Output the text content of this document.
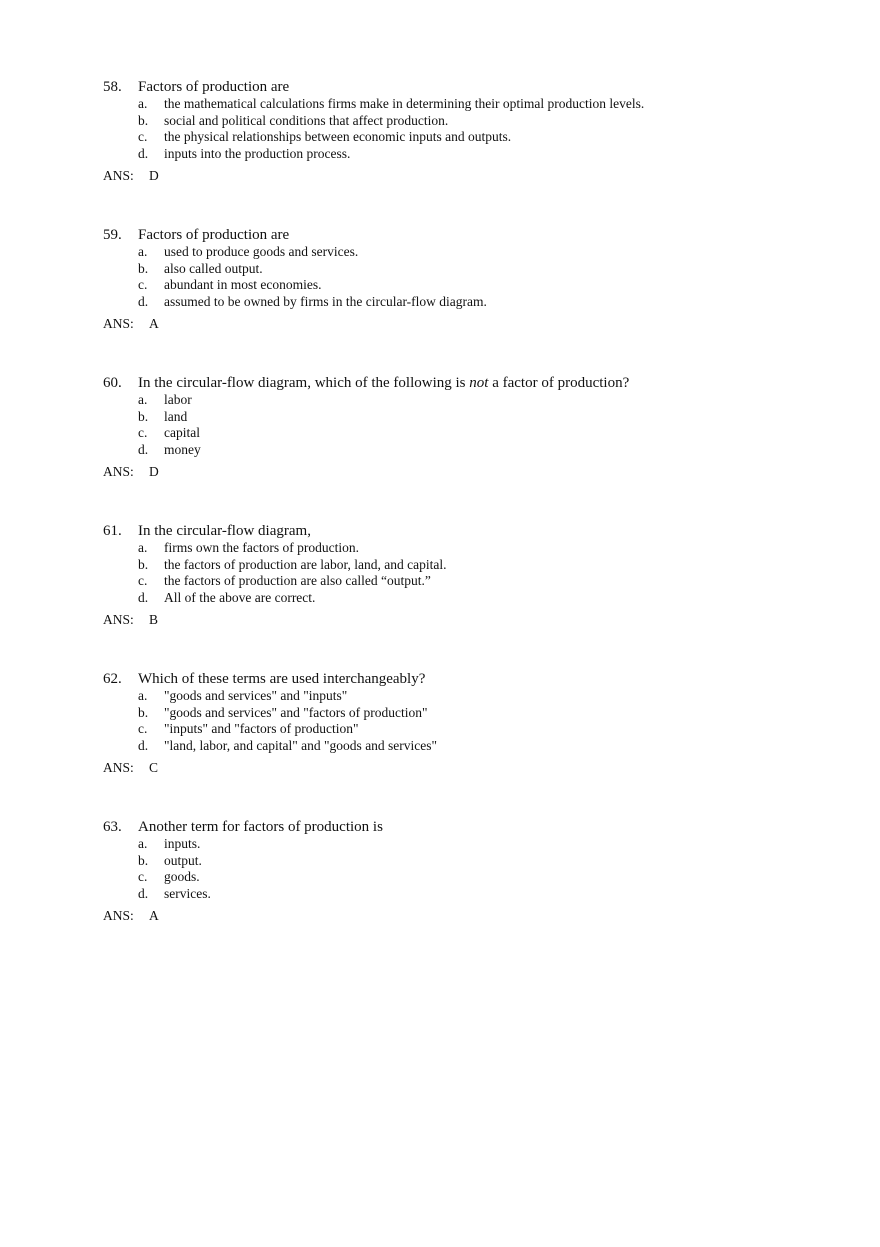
58. Factors of production are
a. the mathematical calculations firms make in determining their optimal production levels.
b. social and political conditions that affect production.
c. the physical relationships between economic inputs and outputs.
d. inputs into the production process.
ANS: D
59. Factors of production are
a. used to produce goods and services.
b. also called output.
c. abundant in most economies.
d. assumed to be owned by firms in the circular-flow diagram.
ANS: A
60. In the circular-flow diagram, which of the following is not a factor of production?
a. labor
b. land
c. capital
d. money
ANS: D
61. In the circular-flow diagram,
a. firms own the factors of production.
b. the factors of production are labor, land, and capital.
c. the factors of production are also called “output.”
d. All of the above are correct.
ANS: B
62. Which of these terms are used interchangeably?
a. "goods and services" and "inputs"
b. "goods and services" and "factors of production"
c. "inputs" and "factors of production"
d. "land, labor, and capital" and "goods and services"
ANS: C
63. Another term for factors of production is
a. inputs.
b. output.
c. goods.
d. services.
ANS: A
